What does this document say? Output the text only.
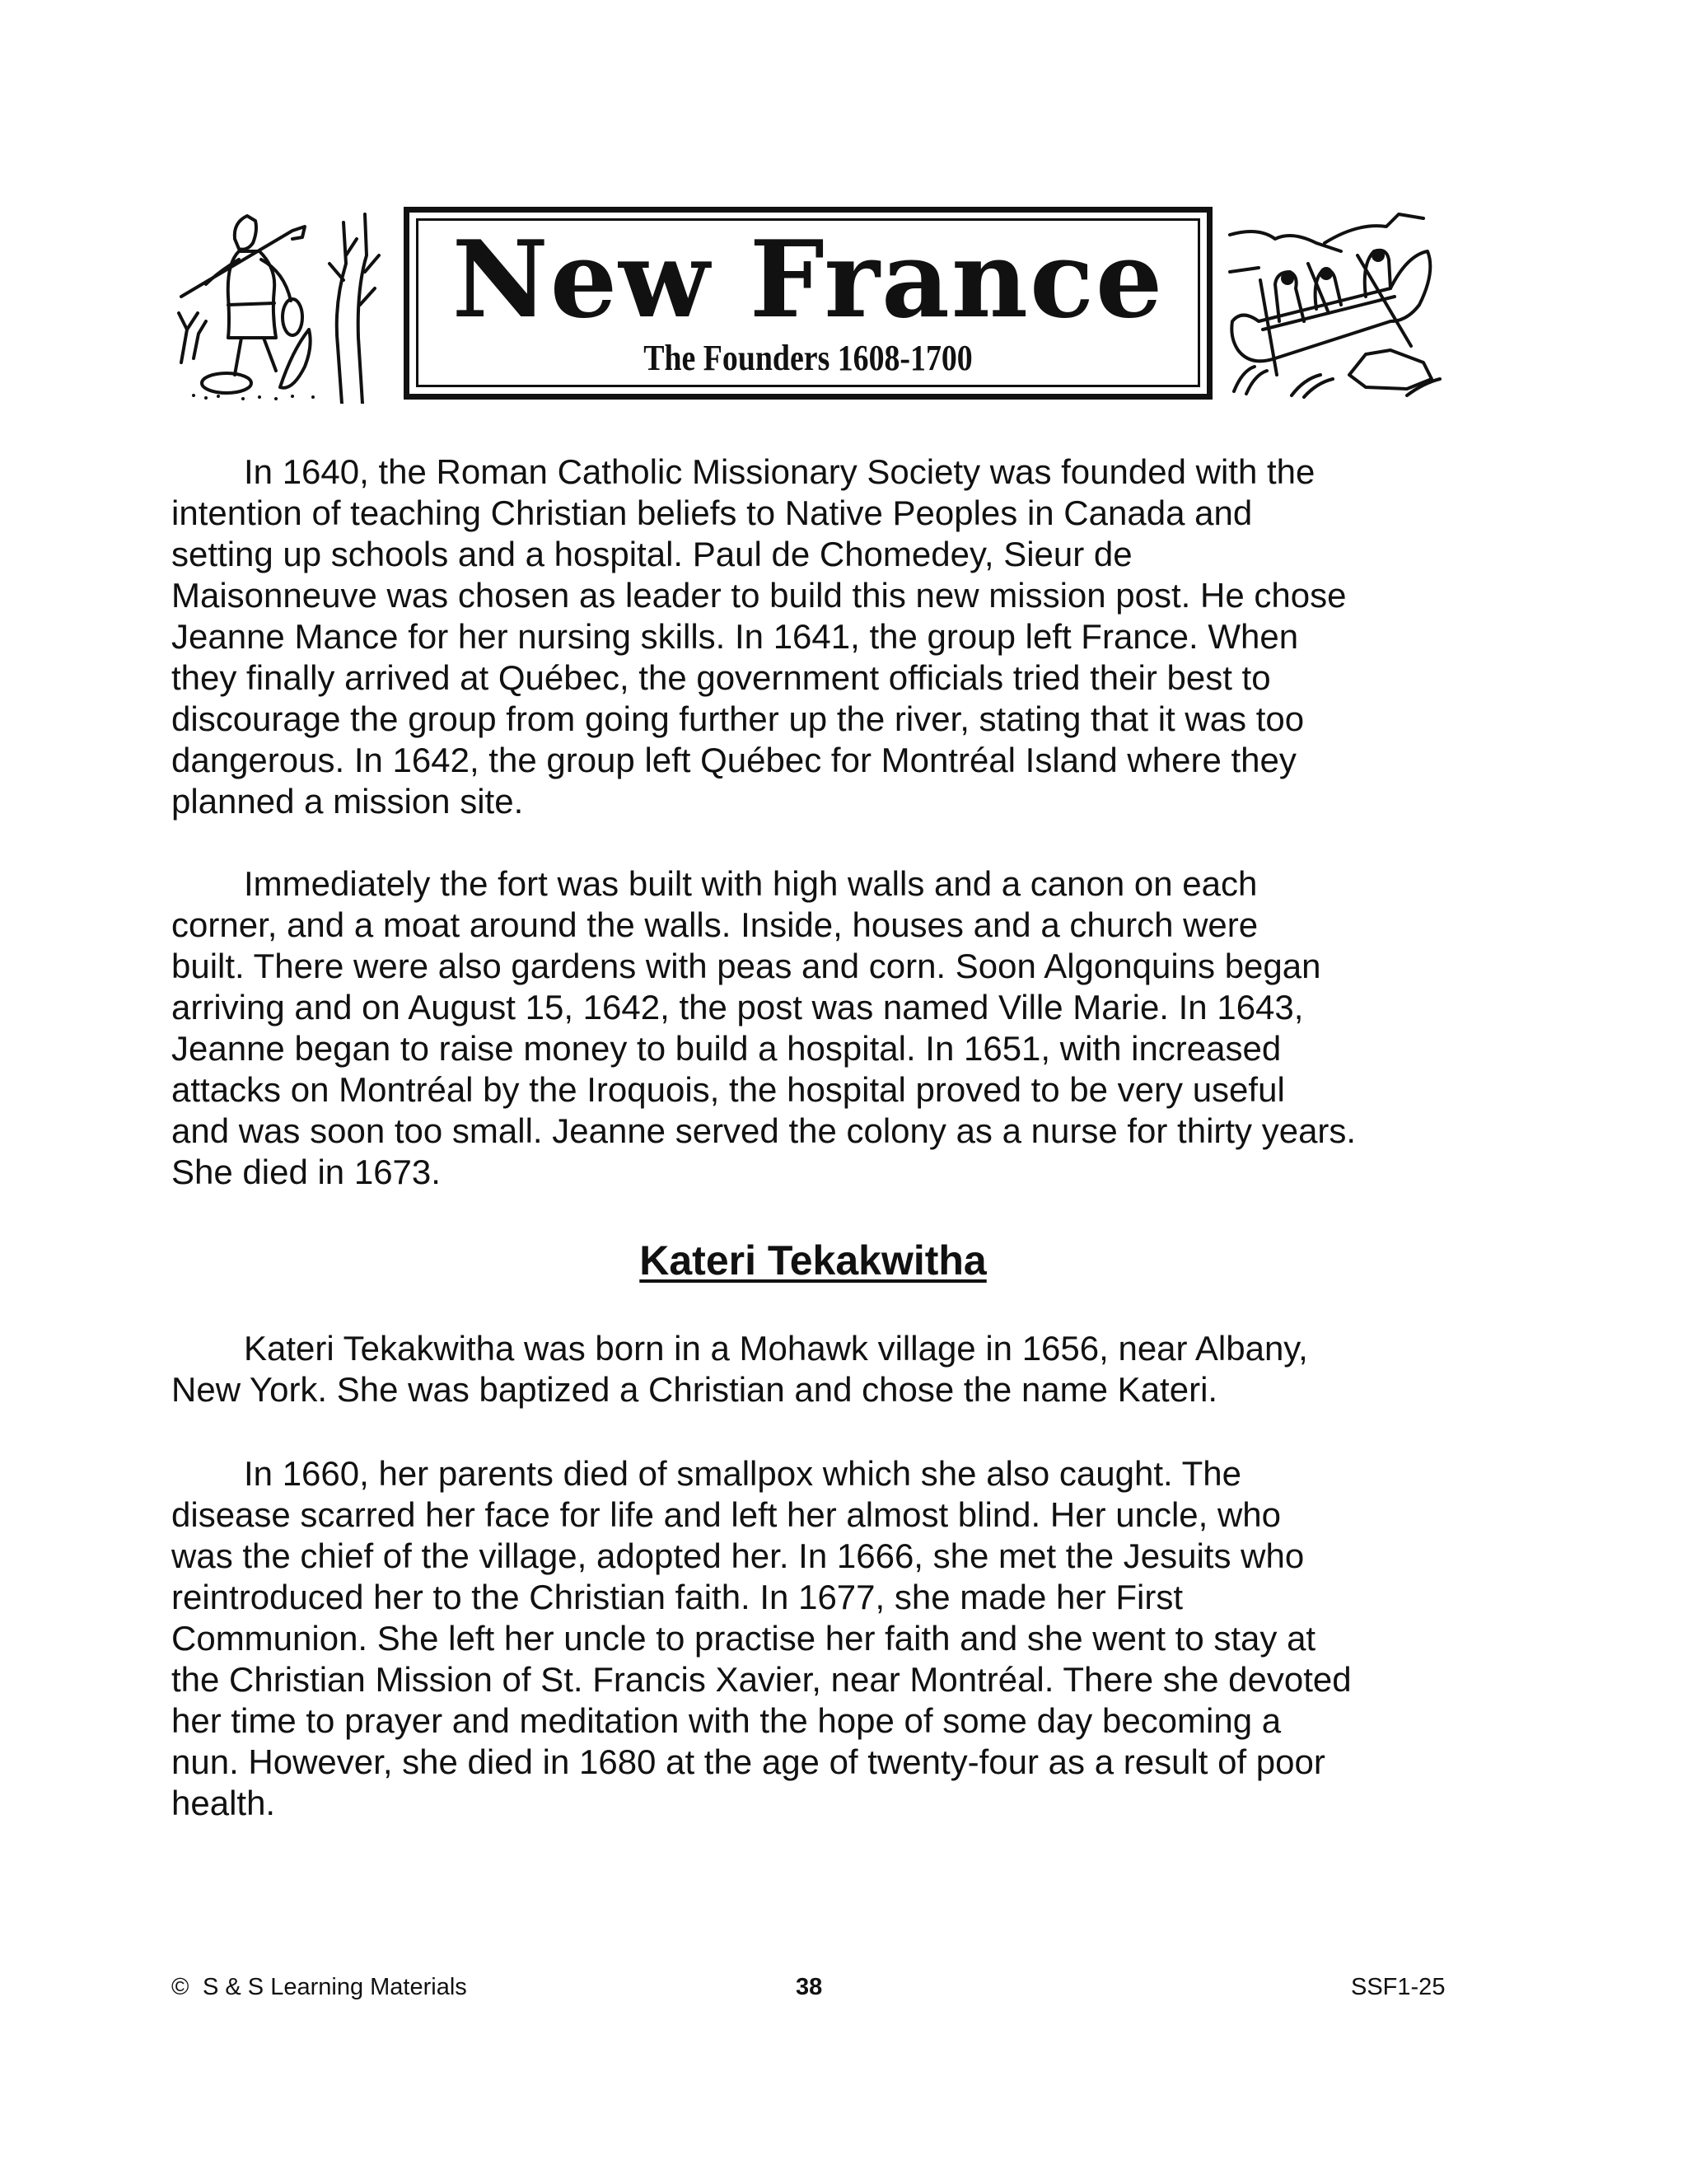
New France
The Founders 1608-1700
In 1640, the Roman Catholic Missionary Society was founded with the
intention of teaching Christian beliefs to Native Peoples in Canada and
setting up schools and a hospital. Paul de Chomedey, Sieur de
Maisonneuve was chosen as leader to build this new mission post. He chose
Jeanne Mance for her nursing skills. In 1641, the group left France. When
they finally arrived at Québec, the government officials tried their best to
discourage the group from going further up the river, stating that it was too
dangerous. In 1642, the group left Québec for Montréal Island where they
planned a mission site.
Immediately the fort was built with high walls and a canon on each
corner, and a moat around the walls. Inside, houses and a church were
built. There were also gardens with peas and corn. Soon Algonquins began
arriving and on August 15, 1642, the post was named Ville Marie. In 1643,
Jeanne began to raise money to build a hospital. In 1651, with increased
attacks on Montréal by the Iroquois, the hospital proved to be very useful
and was soon too small. Jeanne served the colony as a nurse for thirty years.
She died in 1673.
Kateri Tekakwitha
Kateri Tekakwitha was born in a Mohawk village in 1656, near Albany,
New York. She was baptized a Christian and chose the name Kateri.
In 1660, her parents died of smallpox which she also caught. The
disease scarred her face for life and left her almost blind. Her uncle, who
was the chief of the village, adopted her. In 1666, she met the Jesuits who
reintroduced her to the Christian faith. In 1677, she made her First
Communion. She left her uncle to practise her faith and she went to stay at
the Christian Mission of St. Francis Xavier, near Montréal. There she devoted
her time to prayer and meditation with the hope of some day becoming a
nun. However, she died in 1680 at the age of twenty-four as a result of poor
health.
© S & S Learning Materials	38	SSF1-25
